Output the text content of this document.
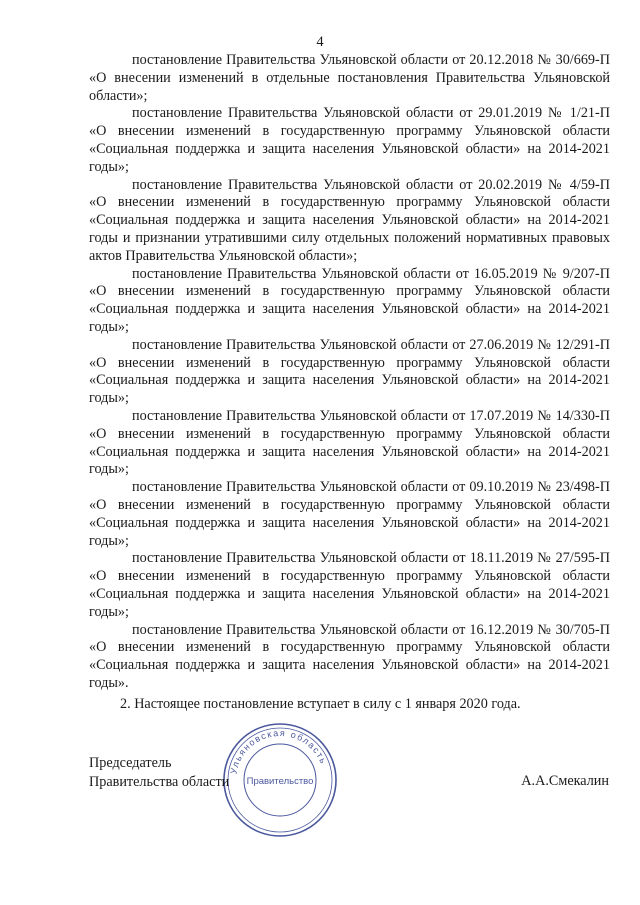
4

постановление Правительства Ульяновской области от 20.12.2018 № 30/669-П «О внесении изменений в отдельные постановления Правительства Ульяновской области»;

постановление Правительства Ульяновской области от 29.01.2019 № 1/21-П «О внесении изменений в государственную программу Ульяновской области «Социальная поддержка и защита населения Ульяновской области» на 2014-2021 годы»;

постановление Правительства Ульяновской области от 20.02.2019 № 4/59-П «О внесении изменений в государственную программу Ульяновской области «Социальная поддержка и защита населения Ульяновской области» на 2014-2021 годы и признании утратившими силу отдельных положений нормативных правовых актов Правительства Ульяновской области»;

постановление Правительства Ульяновской области от 16.05.2019 № 9/207-П «О внесении изменений в государственную программу Ульяновской области «Социальная поддержка и защита населения Ульяновской области» на 2014-2021 годы»;

постановление Правительства Ульяновской области от 27.06.2019 № 12/291-П «О внесении изменений в государственную программу Ульяновской области «Социальная поддержка и защита населения Ульяновской области» на 2014-2021 годы»;

постановление Правительства Ульяновской области от 17.07.2019 № 14/330-П «О внесении изменений в государственную программу Ульяновской области «Социальная поддержка и защита населения Ульяновской области» на 2014-2021 годы»;

постановление Правительства Ульяновской области от 09.10.2019 № 23/498-П «О внесении изменений в государственную программу Ульяновской области «Социальная поддержка и защита населения Ульяновской области» на 2014-2021 годы»;

постановление Правительства Ульяновской области от 18.11.2019 № 27/595-П «О внесении изменений в государственную программу Ульяновской области «Социальная поддержка и защита населения Ульяновской области» на 2014-2021 годы»;

постановление Правительства Ульяновской области от 16.12.2019 № 30/705-П «О внесении изменений в государственную программу Ульяновской области «Социальная поддержка и защита населения Ульяновской области» на 2014-2021 годы».

2. Настоящее постановление вступает в силу с 1 января 2020 года.

Ульяновская область
Правительство
Председатель
Правительства области	А.А.Смекалин
